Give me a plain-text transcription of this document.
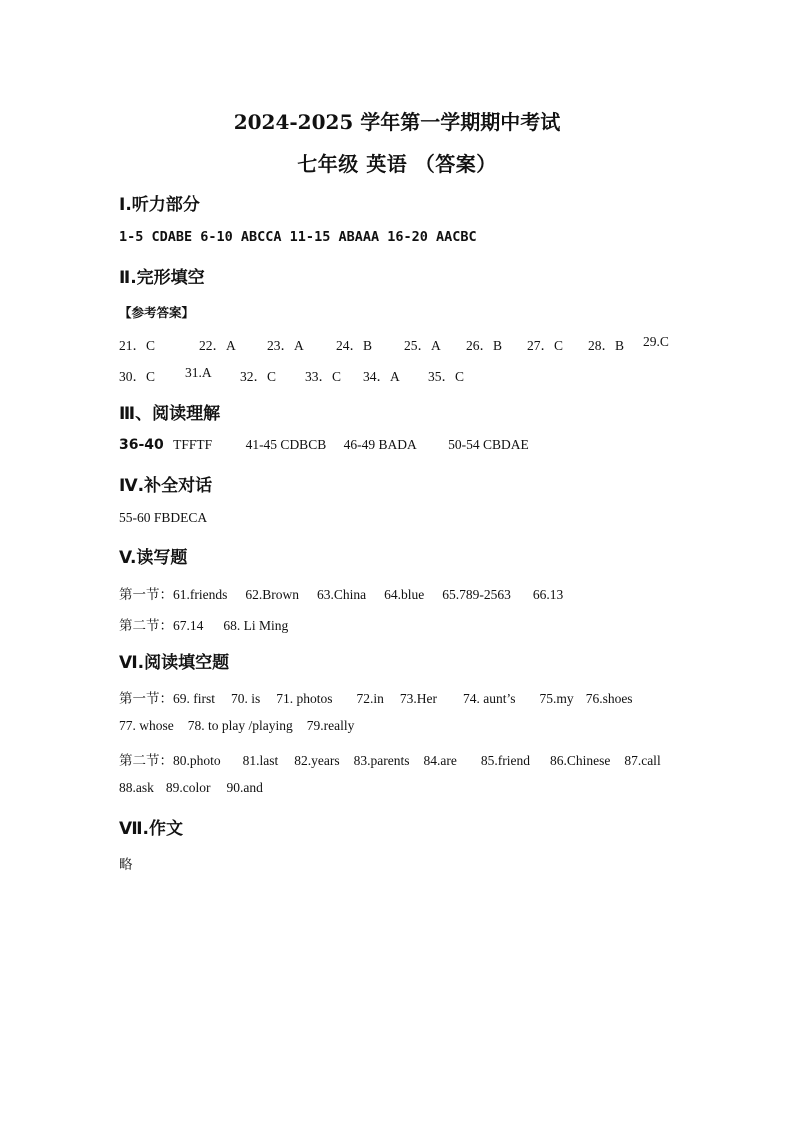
2024-2025 学年第一学期期中考试
七年级 英语 （答案）
Ⅰ.听力部分
1-5 CDABE 6-10 ABCCA 11-15 ABAAA 16-20 AACBC
Ⅱ.完形填空
【参考答案】
21．C	22．A 23．A 24．B 25．A 26．B 27．C 28．B 29.C
30．C 31.A 32．C 33．C 34．A 35．C
Ⅲ、阅读理解
36-40 TFFTF 41-45 CDBCB 46-49 BADA 50-54 CBDAE
Ⅳ.补全对话
55-60 FBDECA
V.读写题
第一节：61.friends 62.Brown 63.China 64.blue 65.789-2563 66.13
第二节：67.14 68. Li Ming
Ⅵ.阅读填空题
第一节：69. first 70. is 71. photos 72.in 73.Her 74. aunt’s 75.my 76.shoes
77. whose 78. to play /playing 79.really
第二节：80.photo 81.last 82.years 83.parents 84.are 85.friend 86.Chinese 87.call
88.ask 89.color 90.and
Ⅶ.作文
略
